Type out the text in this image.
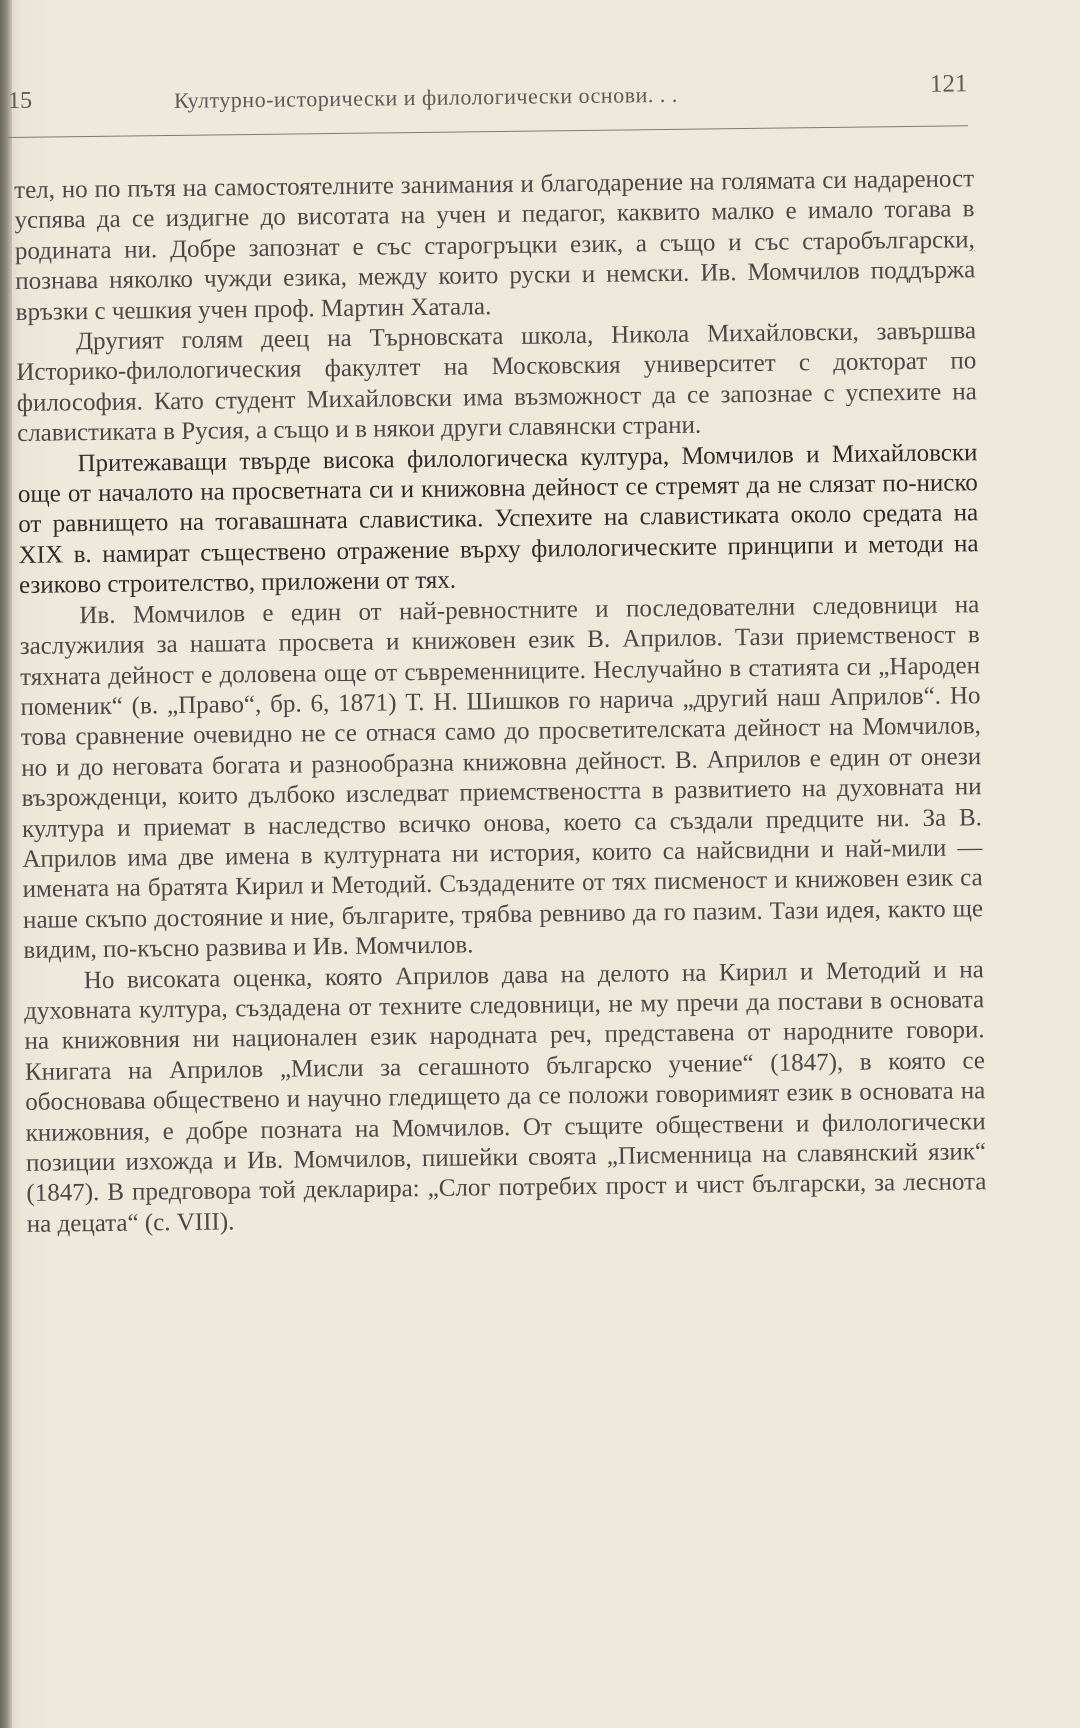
15	Културно-исторически и филологически основи. . .	121

тел, но по пътя на самостоятелните занимания и благодарение на голямата си надареност успява да се издигне до висотата на учен и педагог, каквито малко е имало тогава в родината ни. Добре запознат е със старогръцки език, а също и със старобългарски, познава няколко чужди езика, между които руски и немски. Ив. Момчилов поддържа връзки с чешкия учен проф. Мартин Хатала.

Другият голям деец на Търновската школа, Никола Михайловски, завършва Историко-филологическия факултет на Московския университет с докторат по философия. Като студент Михайловски има възможност да се запознае с успехите на славистиката в Русия, а също и в някои други славянски страни.

Притежаващи твърде висока филологическа култура, Момчилов и Михайловски още от началото на просветната си и книжовна дейност се стремят да не слязат по-ниско от равнището на тогавашната славистика. Успехите на славистиката около средата на XIX в. намират съществено отражение върху филологическите принципи и методи на езиково строителство, приложени от тях.

Ив. Момчилов е един от най-ревностните и последователни следовници на заслужилия за нашата просвета и книжовен език В. Априлов. Тази приемственост в тяхната дейност е доловена още от съвременниците. Неслучайно в статията си „Народен поменик“ (в. „Право“, бр. 6, 1871) Т. Н. Шишков го нарича „другий наш Априлов“. Но това сравнение очевидно не се отнася само до просветителската дейност на Момчилов, но и до неговата богата и разнообразна книжовна дейност. В. Априлов е един от онези възрожденци, които дълбоко изследват приемствеността в развитието на духовната ни култура и приемат в наследство всичко онова, което са създали предците ни. За В. Априлов има две имена в културната ни история, които са найсвидни и най-мили — имената на братята Кирил и Методий. Създадените от тях писменост и книжовен език са наше скъпо достояние и ние, българите, трябва ревниво да го пазим. Тази идея, както ще видим, по-късно развива и Ив. Момчилов.

Но високата оценка, която Априлов дава на делото на Кирил и Методий и на духовната култура, създадена от техните следовници, не му пречи да постави в основата на книжовния ни национален език народната реч, представена от народните говори. Книгата на Априлов „Мисли за сегашното българско учение“ (1847), в която се обосновава обществено и научно гледището да се положи говоримият език в основата на книжовния, е добре позната на Момчилов. От същите обществени и филологически позиции изхожда и Ив. Момчилов, пишейки своята „Писменница на славянский язик“ (1847). В предговора той декларира: „Слог потребих прост и чист български, за леснота на децата“ (с. VIII).
